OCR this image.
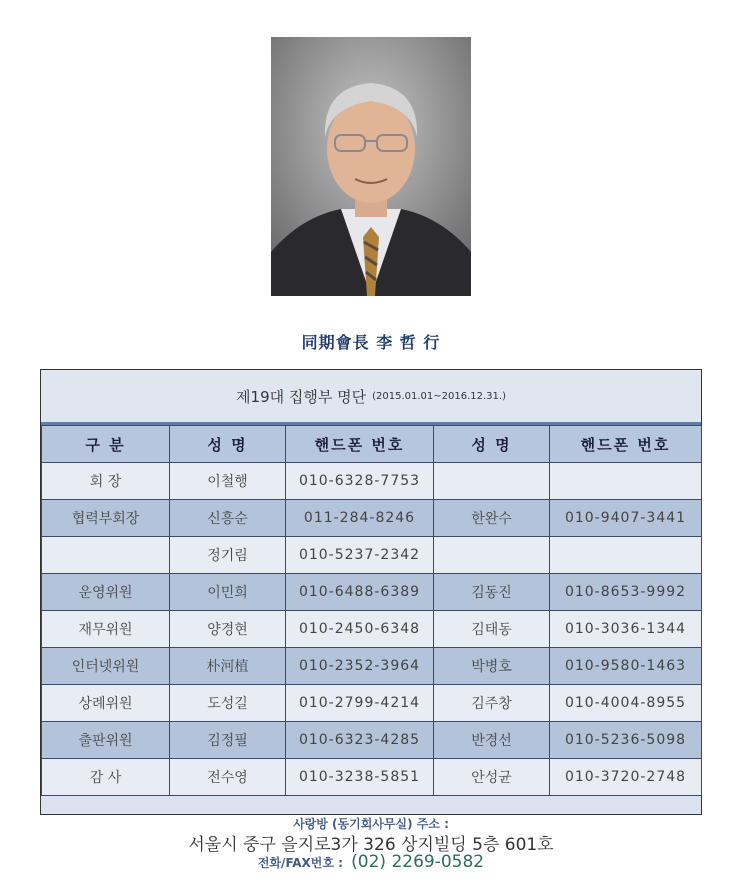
同期會長 李 哲 行
제19대 집행부 명단 (2015.01.01~2016.12.31.)
구 분	성 명	핸드폰 번호	성 명	핸드폰 번호
회 장	이철행	010-6328-7753		
협력부회장	신흥순	011-284-8246	한완수	010-9407-3441
	정기림	010-5237-2342		
운영위원	이민희	010-6488-6389	김동진	010-8653-9992
재무위원	양경현	010-2450-6348	김태동	010-3036-1344
인터넷위원	朴河植	010-2352-3964	박병호	010-9580-1463
상례위원	도성길	010-2799-4214	김주창	010-4004-8955
출판위원	김정필	010-6323-4285	반경선	010-5236-5098
감 사	전수영	010-3238-5851	안성균	010-3720-2748
사랑방 (동기회사무실) 주소 :
서울시 중구 을지로3가 326 상지빌딩 5층 601호
전화/FAX번호 : (02) 2269-0582
